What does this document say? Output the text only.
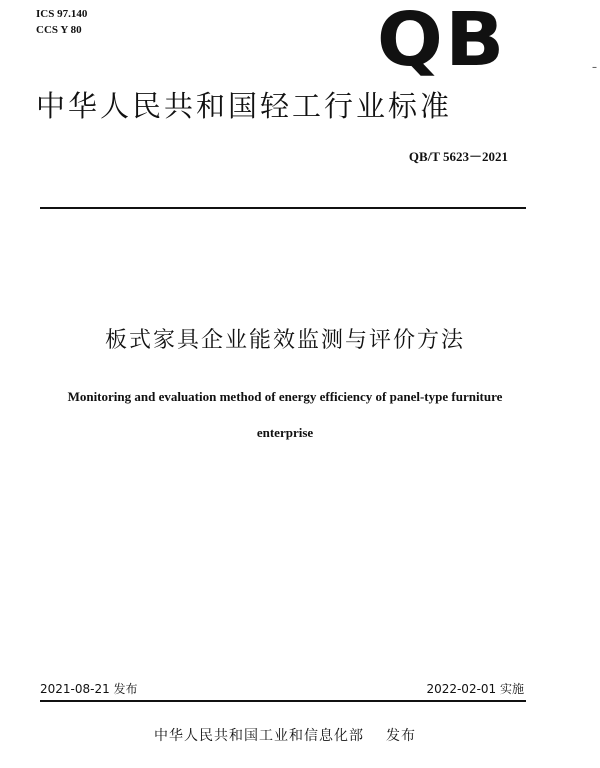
ICS 97.140
CCS Y 80	QB	–
中华人民共和国轻工行业标准
QB/T 5623－2021
板式家具企业能效监测与评价方法
Monitoring and evaluation method of energy efficiency of panel-type furniture
enterprise
2021-08-21 发布	2022-02-01 实施
中华人民共和国工业和信息化部 发布
